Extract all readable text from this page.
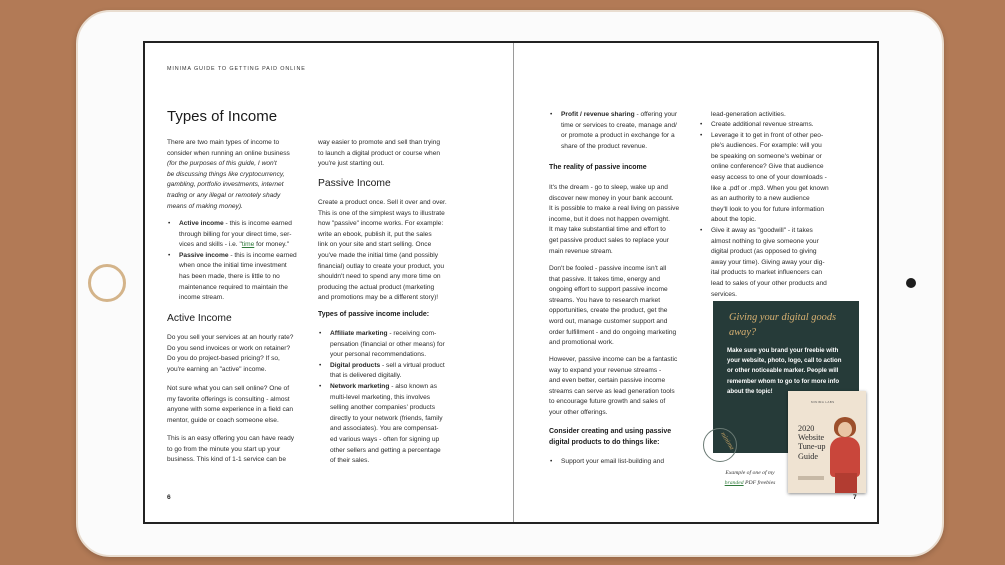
MINIMA GUIDE TO GETTING PAID ONLINE
Types of Income

There are two main types of income to

consider when running an online business

(for the purposes of this guide, I won't

be discussing things like cryptocurrency,

gambling, portfolio investments, internet

trading or any illegal or remotely shady

means of making money).

• Active income - this is income earned

through billing for your direct time, ser-

vices and skills - i.e. "time for money."

• Passive income - this is income earned

when once the initial time investment

has been made, there is little to no

maintenance required to maintain the

income stream.

Active Income

Do you sell your services at an hourly rate?

Do you send invoices or work on retainer?

Do you do project-based pricing? If so,

you're earning an "active" income.

Not sure what you can sell online? One of

my favorite offerings is consulting - almost

anyone with some experience in a field can

mentor, guide or coach someone else.

This is an easy offering you can have ready

to go from the minute you start up your

business. This kind of 1-1 service can be

way easier to promote and sell than trying

to launch a digital product or course when

you're just starting out.

Passive Income

Create a product once. Sell it over and over.

This is one of the simplest ways to illustrate

how "passive" income works. For example:

write an ebook, publish it, put the sales

link on your site and start selling. Once

you've made the initial time (and possibly

financial) outlay to create your product, you

shouldn't need to spend any more time on

producing the actual product (marketing

and promotions may be a different story)!

Types of passive income include:

• Affiliate marketing - receiving com-

pensation (financial or other means) for

your personal recommendations.

• Digital products - sell a virtual product

that is delivered digitally.

• Network marketing - also known as

multi-level marketing, this involves

selling another companies' products

directly to your network (friends, family

and associates). You are compensat-

ed various ways - often for signing up

other sellers and getting a percentage

of their sales.

6

• Profit / revenue sharing - offering your

time or services to create, manage and/

or promote a product in exchange for a

share of the product revenue.

The reality of passive income

It's the dream - go to sleep, wake up and

discover new money in your bank account.

It is possible to make a real living on passive

income, but it does not happen overnight.

It may take substantial time and effort to

get passive product sales to replace your

main revenue stream.

Don't be fooled - passive income isn't all

that passive. It takes time, energy and

ongoing effort to support passive income

streams. You have to research market

opportunities, create the product, get the

word out, manage customer support and

order fulfillment - and do ongoing marketing

and promotional work.

However, passive income can be a fantastic

way to expand your revenue streams -

and even better, certain passive income

streams can serve as lead generation tools

to encourage future growth and sales of

your other offerings.

Consider creating and using passive

digital products to do things like:

• Support your email list-building and

lead-generation activities.

• Create additional revenue streams.

• Leverage it to get in front of other peo-

ple's audiences. For example: will you

be speaking on someone's webinar or

online conference? Give that audience

easy access to one of your downloads -

like a .pdf or .mp3. When you get known

as an authority to a new audience

they'll look to you for future information

about the topic.

• Give it away as "goodwill" - it takes

almost nothing to give someone your

digital product (as opposed to giving

away your time). Giving away your dig-

ital products to market influencers can

lead to sales of your other products and

services.

Giving your digital goods

away?

Make sure you brand your freebie with

your website, photo, logo, call to action

or other noticeable marker. People will

remember whom to go to for more info

about the topic!

minima
MINIMA LABS

2020

Website

Tune-up

Guide

Example of one of my

branded PDF freebies

7
